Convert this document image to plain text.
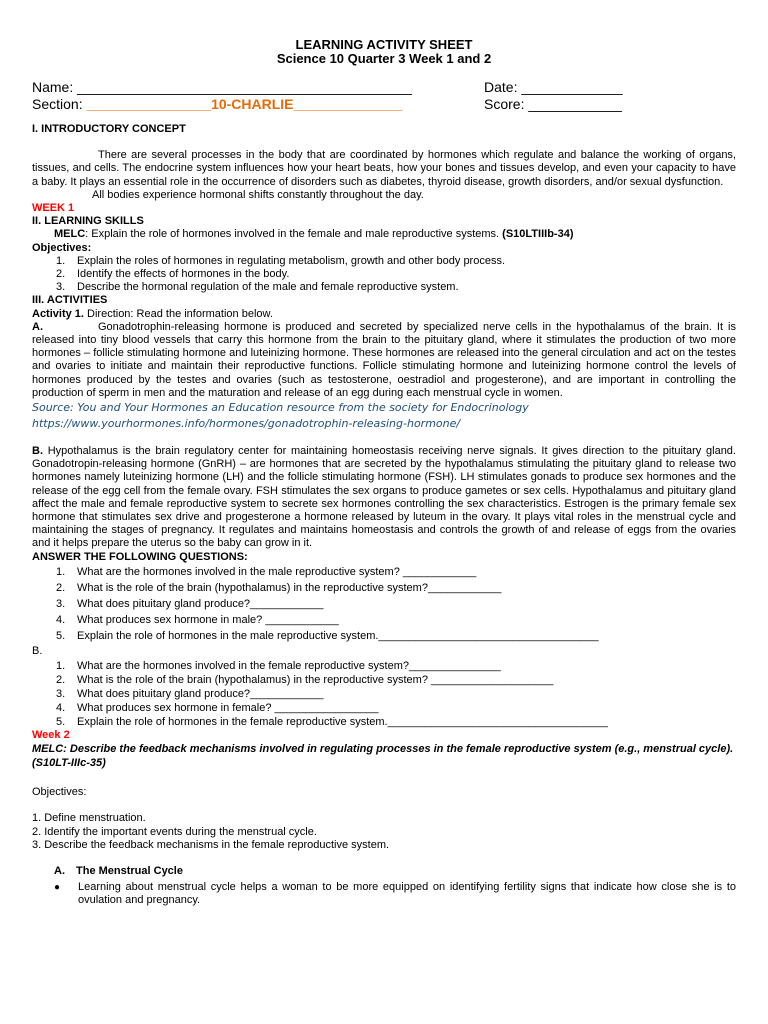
LEARNING ACTIVITY SHEET
Science 10 Quarter 3 Week 1 and 2
Name: ___________________________________________	Date: _____________
Section: ________________10-CHARLIE______________	Score: ____________
I. INTRODUCTORY CONCEPT
There are several processes in the body that are coordinated by hormones which regulate and balance the working of organs, tissues, and cells. The endocrine system influences how your heart beats, how your bones and tissues develop, and even your capacity to have a baby. It plays an essential role in the occurrence of disorders such as diabetes, thyroid disease, growth disorders, and/or sexual dysfunction.
All bodies experience hormonal shifts constantly throughout the day.
WEEK 1
II. LEARNING SKILLS
MELC: Explain the role of hormones involved in the female and male reproductive systems. (S10LTIIIb-34)
Objectives:
1. Explain the roles of hormones in regulating metabolism, growth and other body process.
2. Identify the effects of hormones in the body.
3. Describe the hormonal regulation of the male and female reproductive system.
III. ACTIVITIES
Activity 1. Direction: Read the information below.
A.	Gonadotrophin-releasing hormone is produced and secreted by specialized nerve cells in the hypothalamus of the brain. It is released into tiny blood vessels that carry this hormone from the brain to the pituitary gland, where it stimulates the production of two more hormones – follicle stimulating hormone and luteinizing hormone. These hormones are released into the general circulation and act on the testes and ovaries to initiate and maintain their reproductive functions. Follicle stimulating hormone and luteinizing hormone control the levels of hormones produced by the testes and ovaries (such as testosterone, oestradiol and progesterone), and are important in controlling the production of sperm in men and the maturation and release of an egg during each menstrual cycle in women.
Source: You and Your Hormones an Education resource from the society for Endocrinology
https://www.yourhormones.info/hormones/gonadotrophin-releasing-hormone/
B. Hypothalamus is the brain regulatory center for maintaining homeostasis receiving nerve signals. It gives direction to the pituitary gland. Gonadotropin-releasing hormone (GnRH) – are hormones that are secreted by the hypothalamus stimulating the pituitary gland to release two hormones namely luteinizing hormone (LH) and the follicle stimulating hormone (FSH). LH stimulates gonads to produce sex hormones and the release of the egg cell from the female ovary. FSH stimulates the sex organs to produce gametes or sex cells. Hypothalamus and pituitary gland affect the male and female reproductive system to secrete sex hormones controlling the sex characteristics. Estrogen is the primary female sex hormone that stimulates sex drive and progesterone a hormone released by luteum in the ovary. It plays vital roles in the menstrual cycle and maintaining the stages of pregnancy. It regulates and maintains homeostasis and controls the growth of and release of eggs from the ovaries and it helps prepare the uterus so the baby can grow in it.
ANSWER THE FOLLOWING QUESTIONS:
1. What are the hormones involved in the male reproductive system? ____________
2. What is the role of the brain (hypothalamus) in the reproductive system?____________
3. What does pituitary gland produce?____________
4. What produces sex hormone in male? ____________
5. Explain the role of hormones in the male reproductive system.____________________________________
B.
1. What are the hormones involved in the female reproductive system?_______________
2. What is the role of the brain (hypothalamus) in the reproductive system? ____________________
3. What does pituitary gland produce?____________
4. What produces sex hormone in female? _________________
5. Explain the role of hormones in the female reproductive system.____________________________________
Week 2
MELC: Describe the feedback mechanisms involved in regulating processes in the female reproductive system (e.g., menstrual cycle). (S10LT-IIIc-35)
Objectives:
1. Define menstruation.
2. Identify the important events during the menstrual cycle.
3. Describe the feedback mechanisms in the female reproductive system.
A. The Menstrual Cycle
● Learning about menstrual cycle helps a woman to be more equipped on identifying fertility signs that indicate how close she is to ovulation and pregnancy.
